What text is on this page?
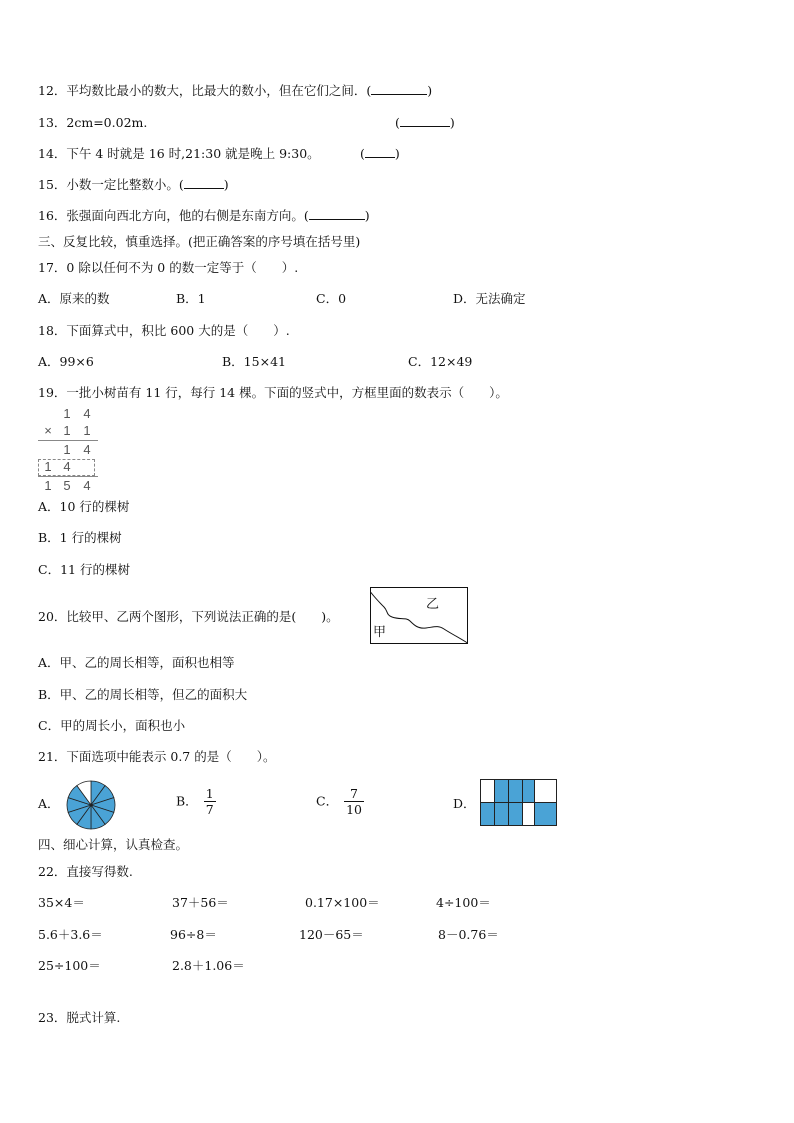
12．平均数比最小的数大，比最大的数小，但在它们之间．(	)
13．2cm=0.02m.	(	)
14．下午 4 时就是 16 时,21:30 就是晚上 9:30。	( )
15．小数一定比整数小。(	)
16．张强面向西北方向，他的右侧是东南方向。(	)
三、反复比较，慎重选择。(把正确答案的序号填在括号里)
17．0 除以任何不为 0 的数一定等于（　　）.
A．原来的数	B．1	C．0	D．无法确定
18．下面算式中，积比 600 大的是（　　）.
A．99×6	B．15×41	C．12×49
19．一批小树苗有 11 行，每行 14 棵。下面的竖式中，方框里面的数表示（　　）。
1 4
× 1 1
1 4
1 4
1 5 4
A．10 行的棵树
B．1 行的棵树
C．11 行的棵树
20．比较甲、乙两个图形，下列说法正确的是(　　)。
乙
甲
A．甲、乙的周长相等，面积也相等
B．甲、乙的周长相等，但乙的面积大
C．甲的周长小，面积也小
21．下面选项中能表示 0.7 的是（　　）。
A．	B． $\frac{1}{7}$	C． $\frac{7}{10}$	D．
四、细心计算，认真检查。
22．直接写得数.
35×4＝	37＋56＝	0.17×100＝	4÷100＝
5.6＋3.6＝	96÷8＝	120－65＝	8－0.76＝
25÷100＝	2.8＋1.06＝
23．脱式计算.
